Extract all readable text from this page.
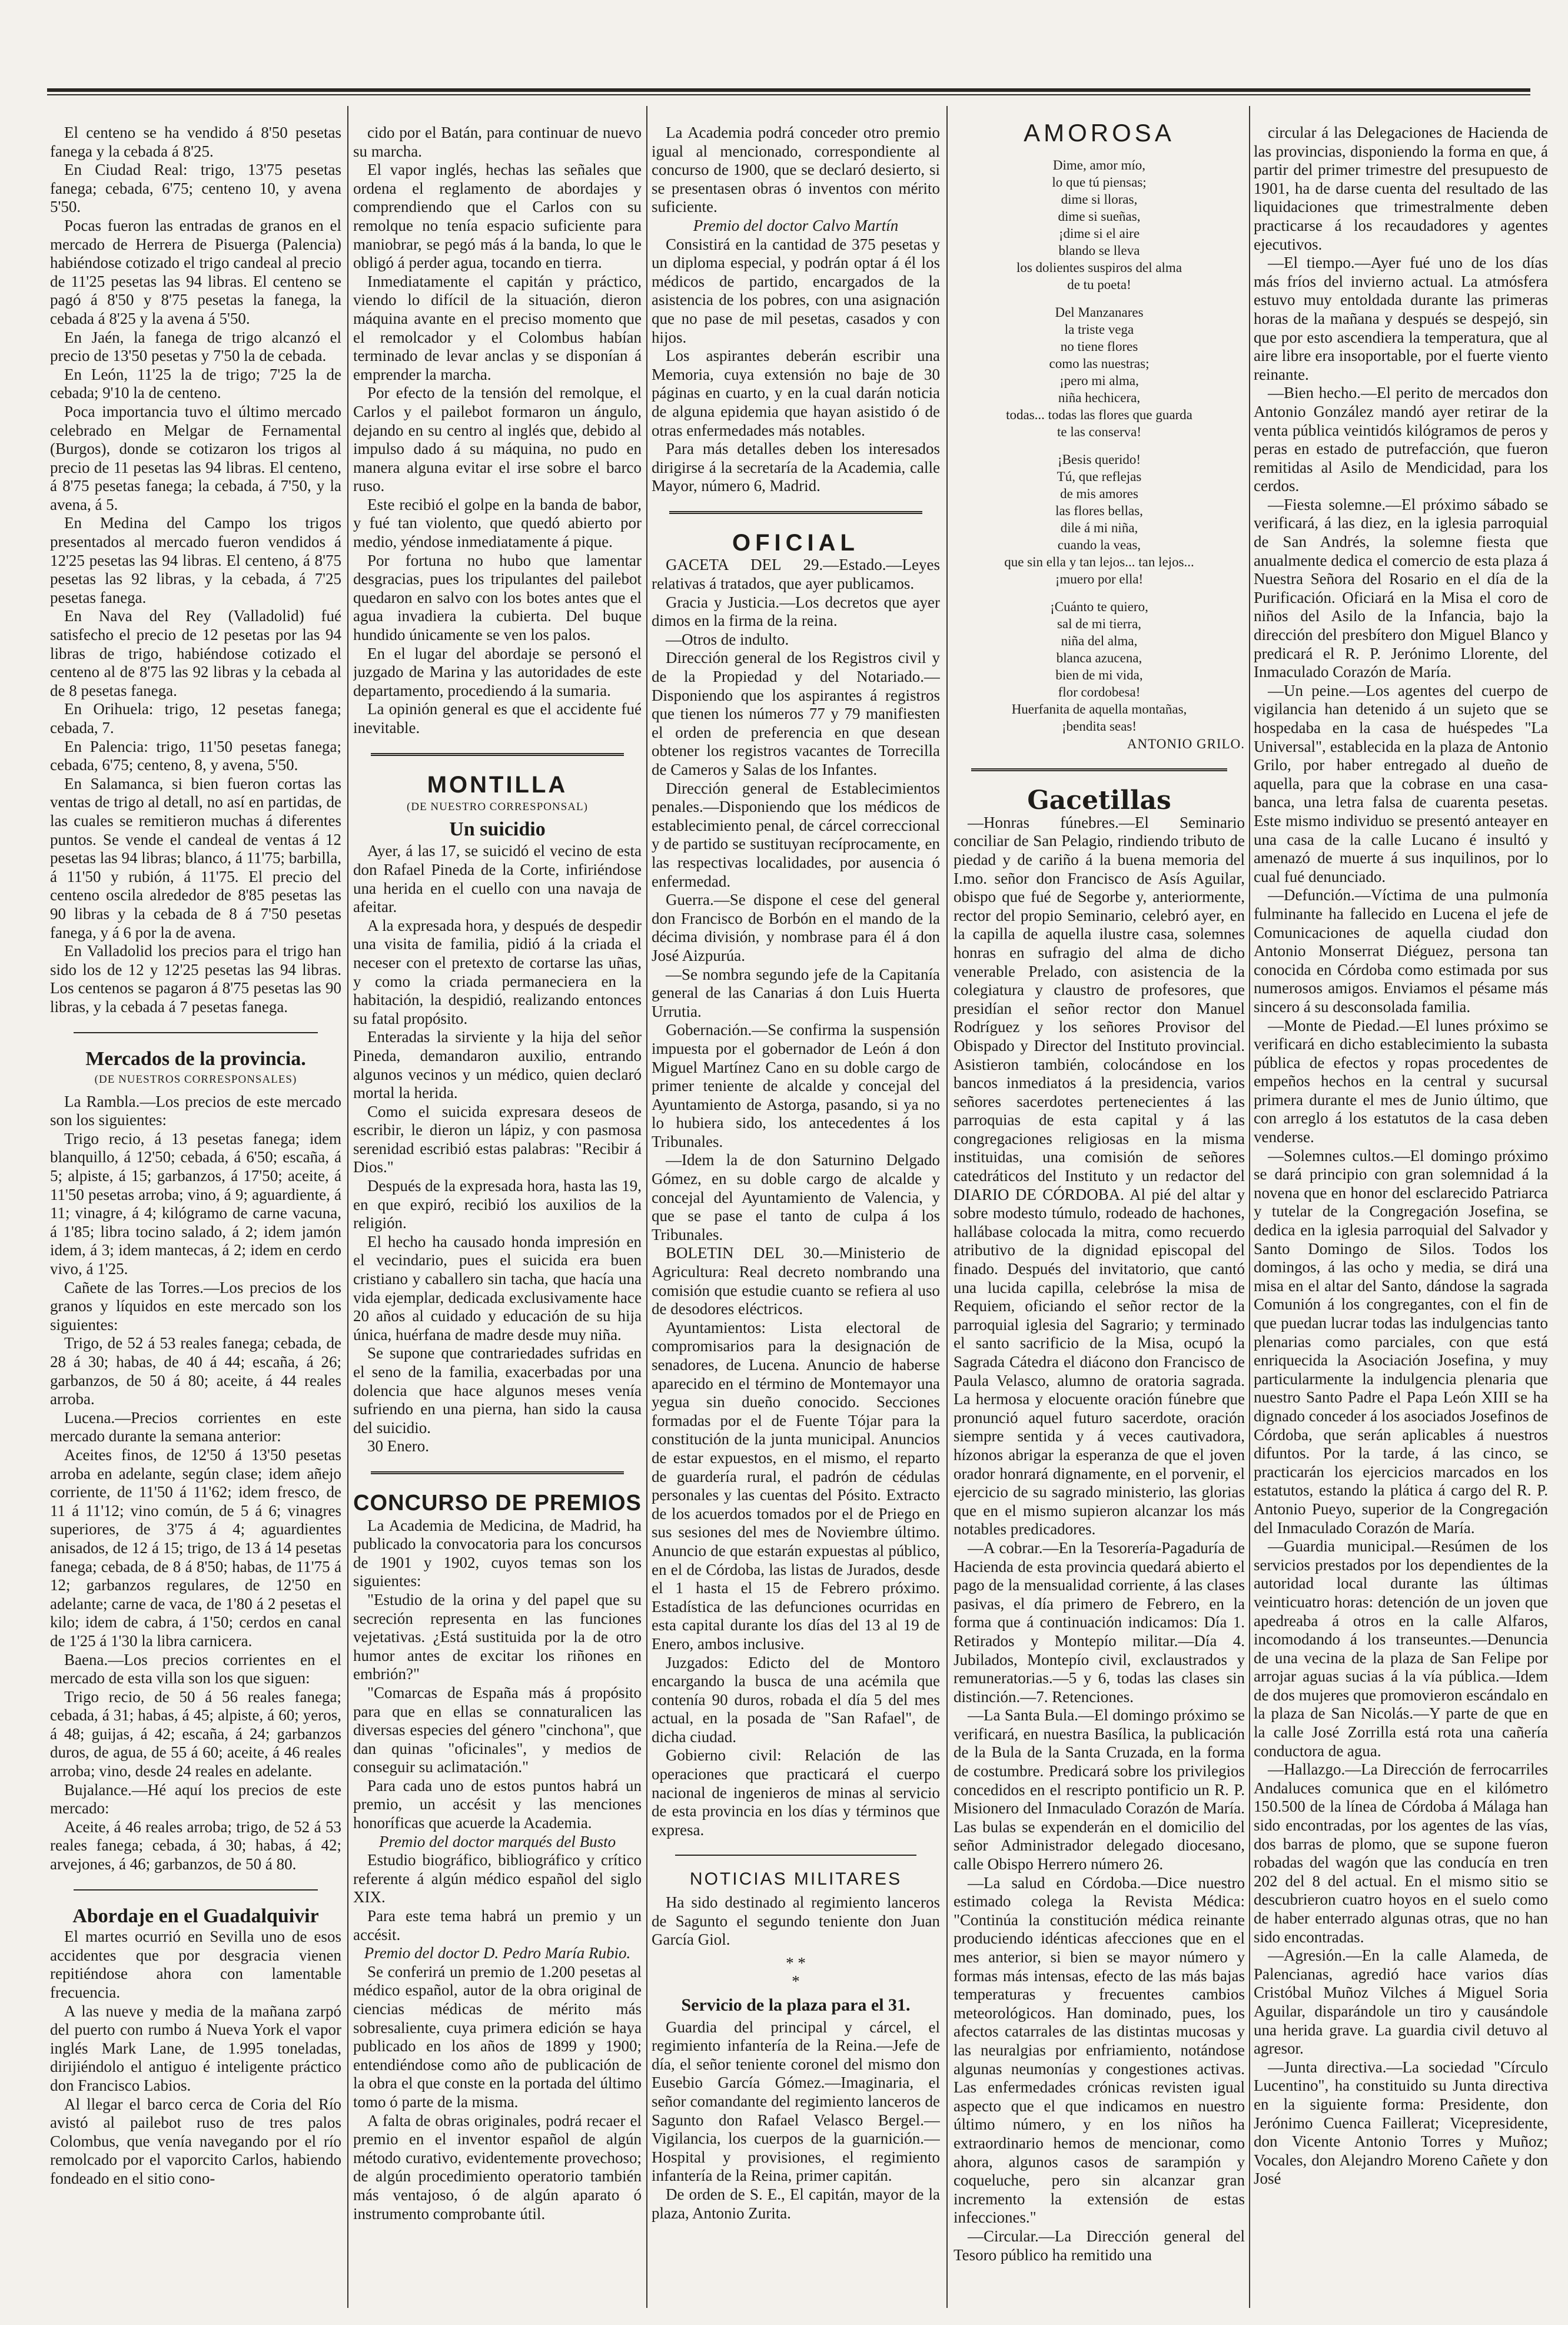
El centeno se ha vendido á 8'50 pesetas fanega y la cebada á 8'25.

En Ciudad Real: trigo, 13'75 pesetas fanega; cebada, 6'75; centeno 10, y avena 5'50.

Pocas fueron las entradas de granos en el mercado de Herrera de Pisuerga (Palencia) habiéndose cotizado el trigo candeal al precio de 11'25 pesetas las 94 libras. El centeno se pagó á 8'50 y 8'75 pesetas la fanega, la cebada á 8'25 y la avena á 5'50.

En Jaén, la fanega de trigo alcanzó el precio de 13'50 pesetas y 7'50 la de cebada.

En León, 11'25 la de trigo; 7'25 la de cebada; 9'10 la de centeno.

Poca importancia tuvo el último mercado celebrado en Melgar de Fernamental (Burgos), donde se cotizaron los trigos al precio de 11 pesetas las 94 libras. El centeno, á 8'75 pesetas fanega; la cebada, á 7'50, y la avena, á 5.

En Medina del Campo los trigos presentados al mercado fueron vendidos á 12'25 pesetas las 94 libras. El centeno, á 8'75 pesetas las 92 libras, y la cebada, á 7'25 pesetas fanega.

En Nava del Rey (Valladolid) fué satisfecho el precio de 12 pesetas por las 94 libras de trigo, habiéndose cotizado el centeno al de 8'75 las 92 libras y la cebada al de 8 pesetas fanega.

En Orihuela: trigo, 12 pesetas fanega; cebada, 7.

En Palencia: trigo, 11'50 pesetas fanega; cebada, 6'75; centeno, 8, y avena, 5'50.

En Salamanca, si bien fueron cortas las ventas de trigo al detall, no así en partidas, de las cuales se remitieron muchas á diferentes puntos. Se vende el candeal de ventas á 12 pesetas las 94 libras; blanco, á 11'75; barbilla, á 11'50 y rubión, á 11'75. El precio del centeno oscila alrededor de 8'85 pesetas las 90 libras y la cebada de 8 á 7'50 pesetas fanega, y á 6 por la de avena.

En Valladolid los precios para el trigo han sido los de 12 y 12'25 pesetas las 94 libras. Los centenos se pagaron á 8'75 pesetas las 90 libras, y la cebada á 7 pesetas fanega.

Mercados de la provincia.

(DE NUESTROS CORRESPONSALES)

La Rambla.—Los precios de este mercado son los siguientes:

Trigo recio, á 13 pesetas fanega; idem blanquillo, á 12'50; cebada, á 6'50; escaña, á 5; alpiste, á 15; garbanzos, á 17'50; aceite, á 11'50 pesetas arroba; vino, á 9; aguardiente, á 11; vinagre, á 4; kilógramo de carne vacuna, á 1'85; libra tocino salado, á 2; idem jamón idem, á 3; idem mantecas, á 2; idem en cerdo vivo, á 1'25.

Cañete de las Torres.—Los precios de los granos y líquidos en este mercado son los siguientes:

Trigo, de 52 á 53 reales fanega; cebada, de 28 á 30; habas, de 40 á 44; escaña, á 26; garbanzos, de 50 á 80; aceite, á 44 reales arroba.

Lucena.—Precios corrientes en este mercado durante la semana anterior:

Aceites finos, de 12'50 á 13'50 pesetas arroba en adelante, según clase; idem añejo corriente, de 11'50 á 11'62; idem fresco, de 11 á 11'12; vino común, de 5 á 6; vinagres superiores, de 3'75 á 4; aguardientes anisados, de 12 á 15; trigo, de 13 á 14 pesetas fanega; cebada, de 8 á 8'50; habas, de 11'75 á 12; garbanzos regulares, de 12'50 en adelante; carne de vaca, de 1'80 á 2 pesetas el kilo; idem de cabra, á 1'50; cerdos en canal de 1'25 á 1'30 la libra carnicera.

Baena.—Los precios corrientes en el mercado de esta villa son los que siguen:

Trigo recio, de 50 á 56 reales fanega; cebada, á 31; habas, á 45; alpiste, á 60; yeros, á 48; guijas, á 42; escaña, á 24; garbanzos duros, de agua, de 55 á 60; aceite, á 46 reales arroba; vino, desde 24 reales en adelante.

Bujalance.—Hé aquí los precios de este mercado:

Aceite, á 46 reales arroba; trigo, de 52 á 53 reales fanega; cebada, á 30; habas, á 42; arvejones, á 46; garbanzos, de 50 á 80.

Abordaje en el Guadalquivir

El martes ocurrió en Sevilla uno de esos accidentes que por desgracia vienen repitiéndose ahora con lamentable frecuencia.

A las nueve y media de la mañana zarpó del puerto con rumbo á Nueva York el vapor inglés Mark Lane, de 1.995 toneladas, dirijiéndolo el antiguo é inteligente práctico don Francisco Labios.

Al llegar el barco cerca de Coria del Río avistó al pailebot ruso de tres palos Colombus, que venía navegando por el río remolcado por el vaporcito Carlos, habiendo fondeado en el sitio cono-

cido por el Batán, para continuar de nuevo su marcha.

El vapor inglés, hechas las señales que ordena el reglamento de abordajes y comprendiendo que el Carlos con su remolque no tenía espacio suficiente para maniobrar, se pegó más á la banda, lo que le obligó á perder agua, tocando en tierra.

Inmediatamente el capitán y práctico, viendo lo difícil de la situación, dieron máquina avante en el preciso momento que el remolcador y el Colombus habían terminado de levar anclas y se disponían á emprender la marcha.

Por efecto de la tensión del remolque, el Carlos y el pailebot formaron un ángulo, dejando en su centro al inglés que, debido al impulso dado á su máquina, no pudo en manera alguna evitar el irse sobre el barco ruso.

Este recibió el golpe en la banda de babor, y fué tan violento, que quedó abierto por medio, yéndose inmediatamente á pique.

Por fortuna no hubo que lamentar desgracias, pues los tripulantes del pailebot quedaron en salvo con los botes antes que el agua invadiera la cubierta. Del buque hundido únicamente se ven los palos.

En el lugar del abordaje se personó el juzgado de Marina y las autoridades de este departamento, procediendo á la sumaria.

La opinión general es que el accidente fué inevitable.

MONTILLA

(DE NUESTRO CORRESPONSAL)

Un suicidio

Ayer, á las 17, se suicidó el vecino de esta don Rafael Pineda de la Corte, infiriéndose una herida en el cuello con una navaja de afeitar.

A la expresada hora, y después de despedir una visita de familia, pidió á la criada el neceser con el pretexto de cortarse las uñas, y como la criada permaneciera en la habitación, la despidió, realizando entonces su fatal propósito.

Enteradas la sirviente y la hija del señor Pineda, demandaron auxilio, entrando algunos vecinos y un médico, quien declaró mortal la herida.

Como el suicida expresara deseos de escribir, le dieron un lápiz, y con pasmosa serenidad escribió estas palabras: "Recibir á Dios."

Después de la expresada hora, hasta las 19, en que expiró, recibió los auxilios de la religión.

El hecho ha causado honda impresión en el vecindario, pues el suicida era buen cristiano y caballero sin tacha, que hacía una vida ejemplar, dedicada exclusivamente hace 20 años al cuidado y educación de su hija única, huérfana de madre desde muy niña.

Se supone que contrariedades sufridas en el seno de la familia, exacerbadas por una dolencia que hace algunos meses venía sufriendo en una pierna, han sido la causa del suicidio.

30 Enero.

CONCURSO DE PREMIOS

La Academia de Medicina, de Madrid, ha publicado la convocatoria para los concursos de 1901 y 1902, cuyos temas son los siguientes:

"Estudio de la orina y del papel que su secreción representa en las funciones vejetativas. ¿Está sustituida por la de otro humor antes de excitar los riñones en embrión?"

"Comarcas de España más á propósito para que en ellas se connaturalicen las diversas especies del género "cinchona", que dan quinas "oficinales", y medios de conseguir su aclimatación."

Para cada uno de estos puntos habrá un premio, un accésit y las menciones honoríficas que acuerde la Academia.

Premio del doctor marqués del Busto

Estudio biográfico, bibliográfico y crítico referente á algún médico español del siglo XIX.

Para este tema habrá un premio y un accésit.

Premio del doctor D. Pedro María Rubio.

Se conferirá un premio de 1.200 pesetas al médico español, autor de la obra original de ciencias médicas de mérito más sobresaliente, cuya primera edición se haya publicado en los años de 1899 y 1900; entendiéndose como año de publicación de la obra el que conste en la portada del último tomo ó parte de la misma.

A falta de obras originales, podrá recaer el premio en el inventor español de algún método curativo, evidentemente provechoso; de algún procedimiento operatorio también más ventajoso, ó de algún aparato ó instrumento comprobante útil.

La Academia podrá conceder otro premio igual al mencionado, correspondiente al concurso de 1900, que se declaró desierto, si se presentasen obras ó inventos con mérito suficiente.

Premio del doctor Calvo Martín

Consistirá en la cantidad de 375 pesetas y un diploma especial, y podrán optar á él los médicos de partido, encargados de la asistencia de los pobres, con una asignación que no pase de mil pesetas, casados y con hijos.

Los aspirantes deberán escribir una Memoria, cuya extensión no baje de 30 páginas en cuarto, y en la cual darán noticia de alguna epidemia que hayan asistido ó de otras enfermedades más notables.

Para más detalles deben los interesados dirigirse á la secretaría de la Academia, calle Mayor, número 6, Madrid.

OFICIAL

GACETA DEL 29.—Estado.—Leyes relativas á tratados, que ayer publicamos.

Gracia y Justicia.—Los decretos que ayer dimos en la firma de la reina.

—Otros de indulto.

Dirección general de los Registros civil y de la Propiedad y del Notariado.—Disponiendo que los aspirantes á registros que tienen los números 77 y 79 manifiesten el orden de preferencia en que desean obtener los registros vacantes de Torrecilla de Cameros y Salas de los Infantes.

Dirección general de Establecimientos penales.—Disponiendo que los médicos de establecimiento penal, de cárcel correccional y de partido se sustituyan recíprocamente, en las respectivas localidades, por ausencia ó enfermedad.

Guerra.—Se dispone el cese del general don Francisco de Borbón en el mando de la décima división, y nombrase para él á don José Aizpurúa.

—Se nombra segundo jefe de la Capitanía general de las Canarias á don Luis Huerta Urrutia.

Gobernación.—Se confirma la suspensión impuesta por el gobernador de León á don Miguel Martínez Cano en su doble cargo de primer teniente de alcalde y concejal del Ayuntamiento de Astorga, pasando, si ya no lo hubiera sido, los antecedentes á los Tribunales.

—Idem la de don Saturnino Delgado Gómez, en su doble cargo de alcalde y concejal del Ayuntamiento de Valencia, y que se pase el tanto de culpa á los Tribunales.

BOLETIN DEL 30.—Ministerio de Agricultura: Real decreto nombrando una comisión que estudie cuanto se refiera al uso de desodores eléctricos.

Ayuntamientos: Lista electoral de compromisarios para la designación de senadores, de Lucena. Anuncio de haberse aparecido en el término de Montemayor una yegua sin dueño conocido. Secciones formadas por el de Fuente Tójar para la constitución de la junta municipal. Anuncios de estar expuestos, en el mismo, el reparto de guardería rural, el padrón de cédulas personales y las cuentas del Pósito. Extracto de los acuerdos tomados por el de Priego en sus sesiones del mes de Noviembre último. Anuncio de que estarán expuestas al público, en el de Córdoba, las listas de Jurados, desde el 1 hasta el 15 de Febrero próximo. Estadística de las defunciones ocurridas en esta capital durante los días del 13 al 19 de Enero, ambos inclusive.

Juzgados: Edicto del de Montoro encargando la busca de una acémila que contenía 90 duros, robada el día 5 del mes actual, en la posada de "San Rafael", de dicha ciudad.

Gobierno civil: Relación de las operaciones que practicará el cuerpo nacional de ingenieros de minas al servicio de esta provincia en los días y términos que expresa.

NOTICIAS MILITARES

Ha sido destinado al regimiento lanceros de Sagunto el segundo teniente don Juan García Giol.

* *
*

Servicio de la plaza para el 31.

Guardia del principal y cárcel, el regimiento infantería de la Reina.—Jefe de día, el señor teniente coronel del mismo don Eusebio García Gómez.—Imaginaria, el señor comandante del regimiento lanceros de Sagunto don Rafael Velasco Bergel.—Vigilancia, los cuerpos de la guarnición.—Hospital y provisiones, el regimiento infantería de la Reina, primer capitán.

De orden de S. E., El capitán, mayor de la plaza, Antonio Zurita.

AMOROSA

Dime, amor mío,

lo que tú piensas;

dime si lloras,

dime si sueñas,

¡dime si el aire

blando se lleva

los dolientes suspiros del alma

de tu poeta!

Del Manzanares

la triste vega

no tiene flores

como las nuestras;

¡pero mi alma,

niña hechicera,

todas... todas las flores que guarda

te las conserva!

¡Besis querido!

Tú, que reflejas

de mis amores

las flores bellas,

dile á mi niña,

cuando la veas,

que sin ella y tan lejos... tan lejos...

¡muero por ella!

¡Cuánto te quiero,

sal de mi tierra,

niña del alma,

blanca azucena,

bien de mi vida,

flor cordobesa!

Huerfanita de aquella montañas,

¡bendita seas!

ANTONIO GRILO.

Gacetillas

—Honras fúnebres.—El Seminario conciliar de San Pelagio, rindiendo tributo de piedad y de cariño á la buena memoria del I.mo. señor don Francisco de Asís Aguilar, obispo que fué de Segorbe y, anteriormente, rector del propio Seminario, celebró ayer, en la capilla de aquella ilustre casa, solemnes honras en sufragio del alma de dicho venerable Prelado, con asistencia de la colegiatura y claustro de profesores, que presidían el señor rector don Manuel Rodríguez y los señores Provisor del Obispado y Director del Instituto provincial. Asistieron también, colocándose en los bancos inmediatos á la presidencia, varios señores sacerdotes pertenecientes á las parroquias de esta capital y á las congregaciones religiosas en la misma instituidas, una comisión de señores catedráticos del Instituto y un redactor del DIARIO DE CÓRDOBA. Al pié del altar y sobre modesto túmulo, rodeado de hachones, hallábase colocada la mitra, como recuerdo atributivo de la dignidad episcopal del finado. Después del invitatorio, que cantó una lucida capilla, celebróse la misa de Requiem, oficiando el señor rector de la parroquial iglesia del Sagrario; y terminado el santo sacrificio de la Misa, ocupó la Sagrada Cátedra el diácono don Francisco de Paula Velasco, alumno de oratoria sagrada. La hermosa y elocuente oración fúnebre que pronunció aquel futuro sacerdote, oración siempre sentida y á veces cautivadora, hízonos abrigar la esperanza de que el joven orador honrará dignamente, en el porvenir, el ejercicio de su sagrado ministerio, las glorias que en el mismo supieron alcanzar los más notables predicadores.

—A cobrar.—En la Tesorería-Pagaduría de Hacienda de esta provincia quedará abierto el pago de la mensualidad corriente, á las clases pasivas, el día primero de Febrero, en la forma que á continuación indicamos: Día 1. Retirados y Montepío militar.—Día 4. Jubilados, Montepío civil, exclaustrados y remuneratorias.—5 y 6, todas las clases sin distinción.—7. Retenciones.

—La Santa Bula.—El domingo próximo se verificará, en nuestra Basílica, la publicación de la Bula de la Santa Cruzada, en la forma de costumbre. Predicará sobre los privilegios concedidos en el rescripto pontificio un R. P. Misionero del Inmaculado Corazón de María. Las bulas se expenderán en el domicilio del señor Administrador delegado diocesano, calle Obispo Herrero número 26.

—La salud en Córdoba.—Dice nuestro estimado colega la Revista Médica: "Continúa la constitución médica reinante produciendo idénticas afecciones que en el mes anterior, si bien se mayor número y formas más intensas, efecto de las más bajas temperaturas y frecuentes cambios meteorológicos. Han dominado, pues, los afectos catarrales de las distintas mucosas y las neuralgias por enfriamiento, notándose algunas neumonías y congestiones activas. Las enfermedades crónicas revisten igual aspecto que el que indicamos en nuestro último número, y en los niños ha extraordinario hemos de mencionar, como ahora, algunos casos de sarampión y coqueluche, pero sin alcanzar gran incremento la extensión de estas infecciones."

—Circular.—La Dirección general del Tesoro público ha remitido una

circular á las Delegaciones de Hacienda de las provincias, disponiendo la forma en que, á partir del primer trimestre del presupuesto de 1901, ha de darse cuenta del resultado de las liquidaciones que trimestralmente deben practicarse á los recaudadores y agentes ejecutivos.

—El tiempo.—Ayer fué uno de los días más fríos del invierno actual. La atmósfera estuvo muy entoldada durante las primeras horas de la mañana y después se despejó, sin que por esto ascendiera la temperatura, que al aire libre era insoportable, por el fuerte viento reinante.

—Bien hecho.—El perito de mercados don Antonio González mandó ayer retirar de la venta pública veintidós kilógramos de peros y peras en estado de putrefacción, que fueron remitidas al Asilo de Mendicidad, para los cerdos.

—Fiesta solemne.—El próximo sábado se verificará, á las diez, en la iglesia parroquial de San Andrés, la solemne fiesta que anualmente dedica el comercio de esta plaza á Nuestra Señora del Rosario en el día de la Purificación. Oficiará en la Misa el coro de niños del Asilo de la Infancia, bajo la dirección del presbítero don Miguel Blanco y predicará el R. P. Jerónimo Llorente, del Inmaculado Corazón de María.

—Un peine.—Los agentes del cuerpo de vigilancia han detenido á un sujeto que se hospedaba en la casa de huéspedes "La Universal", establecida en la plaza de Antonio Grilo, por haber entregado al dueño de aquella, para que la cobrase en una casa-banca, una letra falsa de cuarenta pesetas. Este mismo individuo se presentó anteayer en una casa de la calle Lucano é insultó y amenazó de muerte á sus inquilinos, por lo cual fué denunciado.

—Defunción.—Víctima de una pulmonía fulminante ha fallecido en Lucena el jefe de Comunicaciones de aquella ciudad don Antonio Monserrat Diéguez, persona tan conocida en Córdoba como estimada por sus numerosos amigos. Enviamos el pésame más sincero á su desconsolada familia.

—Monte de Piedad.—El lunes próximo se verificará en dicho establecimiento la subasta pública de efectos y ropas procedentes de empeños hechos en la central y sucursal primera durante el mes de Junio último, que con arreglo á los estatutos de la casa deben venderse.

—Solemnes cultos.—El domingo próximo se dará principio con gran solemnidad á la novena que en honor del esclarecido Patriarca y tutelar de la Congregación Josefina, se dedica en la iglesia parroquial del Salvador y Santo Domingo de Silos. Todos los domingos, á las ocho y media, se dirá una misa en el altar del Santo, dándose la sagrada Comunión á los congregantes, con el fin de que puedan lucrar todas las indulgencias tanto plenarias como parciales, con que está enriquecida la Asociación Josefina, y muy particularmente la indulgencia plenaria que nuestro Santo Padre el Papa León XIII se ha dignado conceder á los asociados Josefinos de Córdoba, que serán aplicables á nuestros difuntos. Por la tarde, á las cinco, se practicarán los ejercicios marcados en los estatutos, estando la plática á cargo del R. P. Antonio Pueyo, superior de la Congregación del Inmaculado Corazón de María.

—Guardia municipal.—Resúmen de los servicios prestados por los dependientes de la autoridad local durante las últimas veinticuatro horas: detención de un joven que apedreaba á otros en la calle Alfaros, incomodando á los transeuntes.—Denuncia de una vecina de la plaza de San Felipe por arrojar aguas sucias á la vía pública.—Idem de dos mujeres que promovieron escándalo en la plaza de San Nicolás.—Y parte de que en la calle José Zorrilla está rota una cañería conductora de agua.

—Hallazgo.—La Dirección de ferrocarriles Andaluces comunica que en el kilómetro 150.500 de la línea de Córdoba á Málaga han sido encontradas, por los agentes de las vías, dos barras de plomo, que se supone fueron robadas del wagón que las conducía en tren 202 del 8 del actual. En el mismo sitio se descubrieron cuatro hoyos en el suelo como de haber enterrado algunas otras, que no han sido encontradas.

—Agresión.—En la calle Alameda, de Palencianas, agredió hace varios días Cristóbal Muñoz Vilches á Miguel Soria Aguilar, disparándole un tiro y causándole una herida grave. La guardia civil detuvo al agresor.

—Junta directiva.—La sociedad "Círculo Lucentino", ha constituido su Junta directiva en la siguiente forma: Presidente, don Jerónimo Cuenca Faillerat; Vicepresidente, don Vicente Antonio Torres y Muñoz; Vocales, don Alejandro Moreno Cañete y don José
